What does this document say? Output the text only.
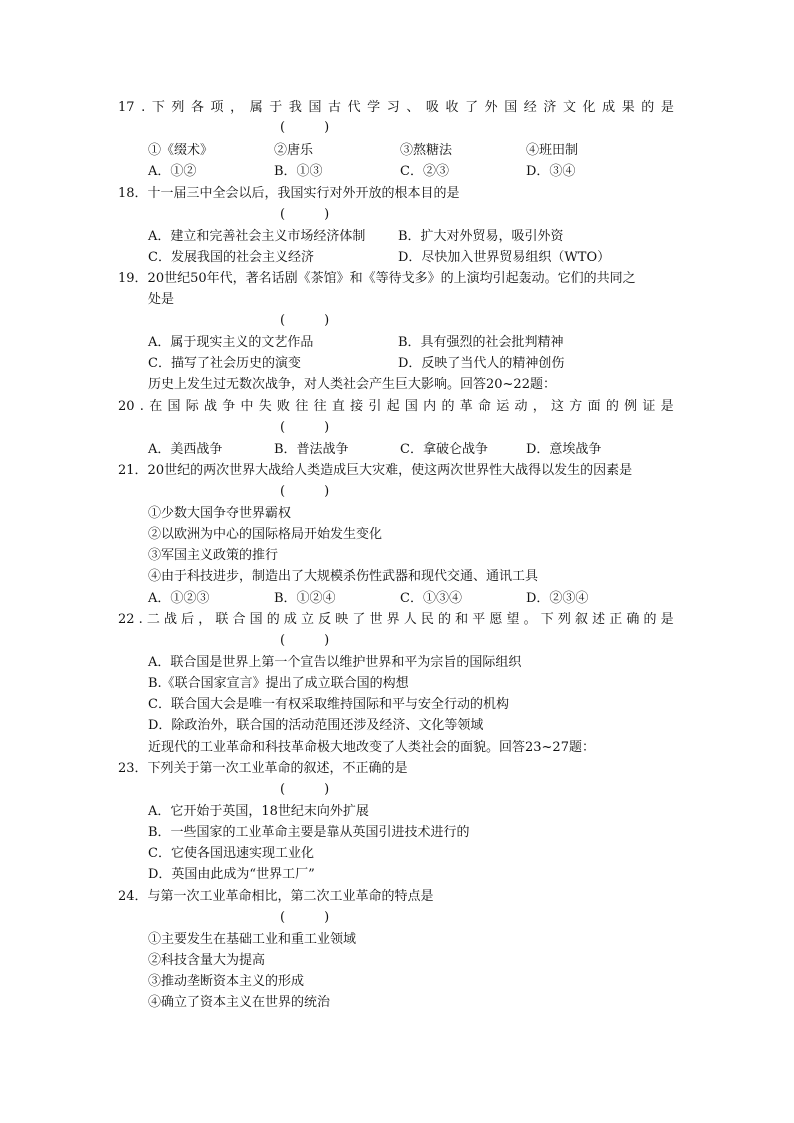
17 . 下 列 各 项 ， 属 于 我 国 古 代 学 习 、 吸 收 了 外 国 经 济 文 化 成 果 的 是
(　　　)
①《缀术》	②唐乐	③熬糖法	④班田制
A．①②	B．①③	C．②③	D．③④
18．十一届三中全会以后，我国实行对外开放的根本目的是
(　　　)
A．建立和完善社会主义市场经济体制	B．扩大对外贸易，吸引外资
C．发展我国的社会主义经济	D．尽快加入世界贸易组织（WTO）
19．20世纪50年代，著名话剧《茶馆》和《等待戈多》的上演均引起轰动。它们的共同之
处是
(　　　)
A．属于现实主义的文艺作品	B．具有强烈的社会批判精神
C．描写了社会历史的演变	D．反映了当代人的精神创伤
历史上发生过无数次战争，对人类社会产生巨大影响。回答20~22题：
20 . 在 国 际 战 争 中 失 败 往 往 直 接 引 起 国 内 的 革 命 运 动 ， 这 方 面 的 例 证 是
(　　　)
A．美西战争	B．普法战争	C．拿破仑战争	D．意埃战争
21．20世纪的两次世界大战给人类造成巨大灾难，使这两次世界性大战得以发生的因素是
(　　　)
①少数大国争夺世界霸权
②以欧洲为中心的国际格局开始发生变化
③军国主义政策的推行
④由于科技进步，制造出了大规模杀伤性武器和现代交通、通讯工具
A．①②③	B．①②④	C．①③④	D．②③④
22 . 二 战 后 ， 联 合 国 的 成 立 反 映 了 世 界 人 民 的 和 平 愿 望 。 下 列 叙 述 正 确 的 是
(　　　)
A．联合国是世界上第一个宣告以维护世界和平为宗旨的国际组织
B.《联合国家宣言》提出了成立联合国的构想
C．联合国大会是唯一有权采取维持国际和平与安全行动的机构
D．除政治外，联合国的活动范围还涉及经济、文化等领域
近现代的工业革命和科技革命极大地改变了人类社会的面貌。回答23~27题：
23．下列关于第一次工业革命的叙述，不正确的是
(　　　)
A．它开始于英国，18世纪末向外扩展
B．一些国家的工业革命主要是靠从英国引进技术进行的
C．它使各国迅速实现工业化
D．英国由此成为“世界工厂”
24．与第一次工业革命相比，第二次工业革命的特点是
(　　　)
①主要发生在基础工业和重工业领域
②科技含量大为提高
③推动垄断资本主义的形成
④确立了资本主义在世界的统治
